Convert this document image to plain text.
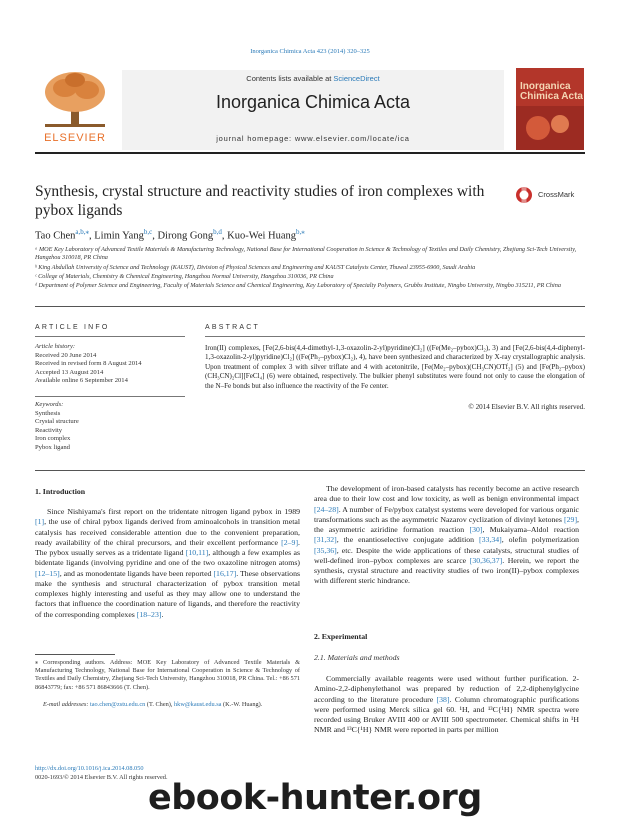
Inorganica Chimica Acta 423 (2014) 320–325
ELSEVIER
Contents lists available at ScienceDirect
Inorganica Chimica Acta
journal homepage: www.elsevier.com/locate/ica
Inorganica
Chimica Acta
Synthesis, crystal structure and reactivity studies of iron complexes with pybox ligands
CrossMark
Tao Chen$^{a,b,⁎}$, Limin Yang$^{b,c}$, Dirong Gong$^{b,d}$, Kuo-Wei Huang$^{b,⁎}$
ᵃ MOE Key Laboratory of Advanced Textile Materials & Manufacturing Technology, National Base for International Cooperation in Science & Technology of Textiles and Daily Chemistry, Zhejiang Sci-Tech University, Hangzhou 310018, PR China
ᵇ King Abdullah University of Science and Technology (KAUST), Division of Physical Sciences and Engineering and KAUST Catalysis Center, Thuwal 23955-6900, Saudi Arabia
ᶜ College of Materials, Chemistry & Chemical Engineering, Hangzhou Normal University, Hangzhou 310036, PR China
ᵈ Department of Polymer Science and Engineering, Faculty of Materials Science and Chemical Engineering, Key Laboratory of Specialty Polymers, Grubbs Institute, Ningbo University, Ningbo 315211, PR China
ARTICLE INFO
Article history:
Received 20 June 2014
Received in revised form 8 August 2014
Accepted 13 August 2014
Available online 6 September 2014
Keywords:
Synthesis
Crystal structure
Reactivity
Iron complex
Pybox ligand
ABSTRACT
Iron(II) complexes, [Fe(2,6-bis(4,4-dimethyl-1,3-oxazolin-2-yl)pyridine)Cl₂] ((Fe(Me₂–pybox)Cl₂), 3) and [Fe(2,6-bis(4,4-diphenyl-1,3-oxazolin-2-yl)pyridine)Cl₂] ((Fe(Ph₂–pybox)Cl₂), 4), have been synthesized and characterized by X-ray crystallographic analysis. Upon treatment of complex 3 with silver triflate and 4 with acetonitrile, [Fe(Me₂–pybox)(CH₃CN)OTf₂] (5) and [Fe(Ph₂–pybox)(CH₃CN)₂Cl][FeCl₄] (6) were obtained, respectively. The bulkier phenyl substitutes were found not only to cause the elongation of the N–Fe bonds but also influence the reactivity of the Fe center.
© 2014 Elsevier B.V. All rights reserved.
1. Introduction
Since Nishiyama's first report on the tridentate nitrogen ligand pybox in 1989 [1], the use of chiral pybox ligands derived from aminoalcohols in transition metal catalysis has received considerable attention due to the convenient preparation, ready availability of the chiral precursors, and their excellent performance [2–9]. The pybox usually serves as a tridentate ligand [10,11], although a few examples as bidentate ligands (involving pyridine and one of the two oxazoline nitrogen atoms) [12–15], and as monodentate ligands have been reported [16,17]. These observations make the synthesis and structural characterization of pybox transition metal complexes highly interesting and useful as they may allow one to understand the factors that influence the coordination nature of ligands, and therefore the reactivity of the corresponding complexes [18–23].
The development of iron-based catalysts has recently become an active research area due to their low cost and low toxicity, as well as benign environmental impact [24–28]. A number of Fe/pybox catalyst systems were developed for various organic transformations such as the asymmetric Nazarov cyclization of divinyl ketones [29], the asymmetric aziridine formation reaction [30], Mukaiyama–Aldol reaction [31,32], the enantioselective conjugate addition [33,34], olefin polymerization [35,36], etc. Despite the wide applications of these catalysts, structural studies of well-defined iron–pybox complexes are scarce [30,36,37]. Herein, we report the synthesis, crystal structure and reactivity studies of two iron(II)–pybox complexes with different steric hindrance.
2. Experimental
2.1. Materials and methods
Commercially available reagents were used without further purification. 2-Amino-2,2-diphenylethanol was prepared by reduction of 2,2-diphenylglycine according to the literature procedure [38]. Column chromatographic purifications were performed using Merck silica gel 60. ¹H, and ¹³C{¹H} NMR spectra were recorded using Bruker AVIII 400 or AVIII 500 spectrometer. Chemical shifts in ¹H NMR and ¹³C{¹H} NMR were reported in parts per million
⁎ Corresponding authors. Address: MOE Key Laboratory of Advanced Textile Materials & Manufacturing Technology, National Base for International Cooperation in Science & Technology of Textiles and Daily Chemistry, Zhejiang Sci-Tech University, Hangzhou 310018, PR China. Tel.: +86 571 86843779; fax: +86 571 86843666 (T. Chen).
E-mail addresses: tao.chen@zstu.edu.cn (T. Chen), hkw@kaust.edu.sa (K.-W. Huang).
http://dx.doi.org/10.1016/j.ica.2014.08.050
0020-1693/© 2014 Elsevier B.V. All rights reserved.
ebook-hunter.org
